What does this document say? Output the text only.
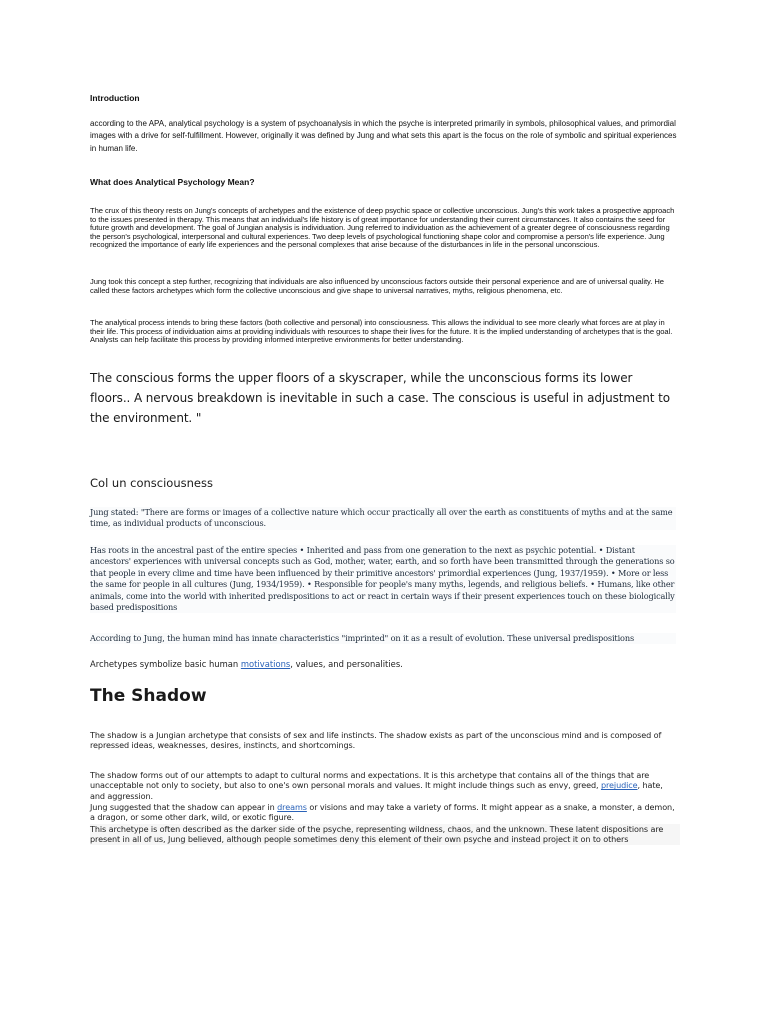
Introduction

according to the APA, analytical psychology is a system of psychoanalysis in which the psyche is interpreted primarily in symbols, philosophical values, and primordial images with a drive for self-fulfillment. However, originally it was defined by Jung and what sets this apart is the focus on the role of symbolic and spiritual experiences in human life.

What does Analytical Psychology Mean?

The crux of this theory rests on Jung's concepts of archetypes and the existence of deep psychic space or collective unconscious. Jung's this work takes a prospective approach to the issues presented in therapy. This means that an individual's life history is of great importance for understanding their current circumstances. It also contains the seed for future growth and development. The goal of Jungian analysis is individuation. Jung referred to individuation as the achievement of a greater degree of consciousness regarding the person's psychological, interpersonal and cultural experiences. Two deep levels of psychological functioning shape color and compromise a person's life experience. Jung recognized the importance of early life experiences and the personal complexes that arise because of the disturbances in life in the personal unconscious.

Jung took this concept a step further, recognizing that individuals are also influenced by unconscious factors outside their personal experience and are of universal quality. He called these factors archetypes which form the collective unconscious and give shape to universal narratives, myths, religious phenomena, etc.

The analytical process intends to bring these factors (both collective and personal) into consciousness. This allows the individual to see more clearly what forces are at play in their life. This process of individuation aims at providing individuals with resources to shape their lives for the future. It is the implied understanding of archetypes that is the goal. Analysts can help facilitate this process by providing informed interpretive environments for better understanding.

The conscious forms the upper floors of a skyscraper, while the unconscious forms its lower floors.. A nervous breakdown is inevitable in such a case. The conscious is useful in adjustment to the environment. "

Col un consciousness

Jung stated: "There are forms or images of a collective nature which occur practically all over the earth as constituents of myths and at the same time, as individual products of unconscious.

Has roots in the ancestral past of the entire species • Inherited and pass from one generation to the next as psychic potential. • Distant ancestors' experiences with universal concepts such as God, mother, water, earth, and so forth have been transmitted through the generations so that people in every clime and time have been influenced by their primitive ancestors' primordial experiences (Jung, 1937/1959). • More or less the same for people in all cultures (Jung, 1934/1959). • Responsible for people's many myths, legends, and religious beliefs. • Humans, like other animals, come into the world with inherited predispositions to act or react in certain ways if their present experiences touch on these biologically based predispositions

According to Jung, the human mind has innate characteristics "imprinted" on it as a result of evolution. These universal predispositions

Archetypes symbolize basic human motivations, values, and personalities.

The Shadow

The shadow is a Jungian archetype that consists of sex and life instincts. The shadow exists as part of the unconscious mind and is composed of repressed ideas, weaknesses, desires, instincts, and shortcomings.

The shadow forms out of our attempts to adapt to cultural norms and expectations. It is this archetype that contains all of the things that are unacceptable not only to society, but also to one's own personal morals and values. It might include things such as envy, greed, prejudice, hate, and aggression.

Jung suggested that the shadow can appear in dreams or visions and may take a variety of forms. It might appear as a snake, a monster, a demon, a dragon, or some other dark, wild, or exotic figure.

This archetype is often described as the darker side of the psyche, representing wildness, chaos, and the unknown. These latent dispositions are present in all of us, Jung believed, although people sometimes deny this element of their own psyche and instead project it on to others
